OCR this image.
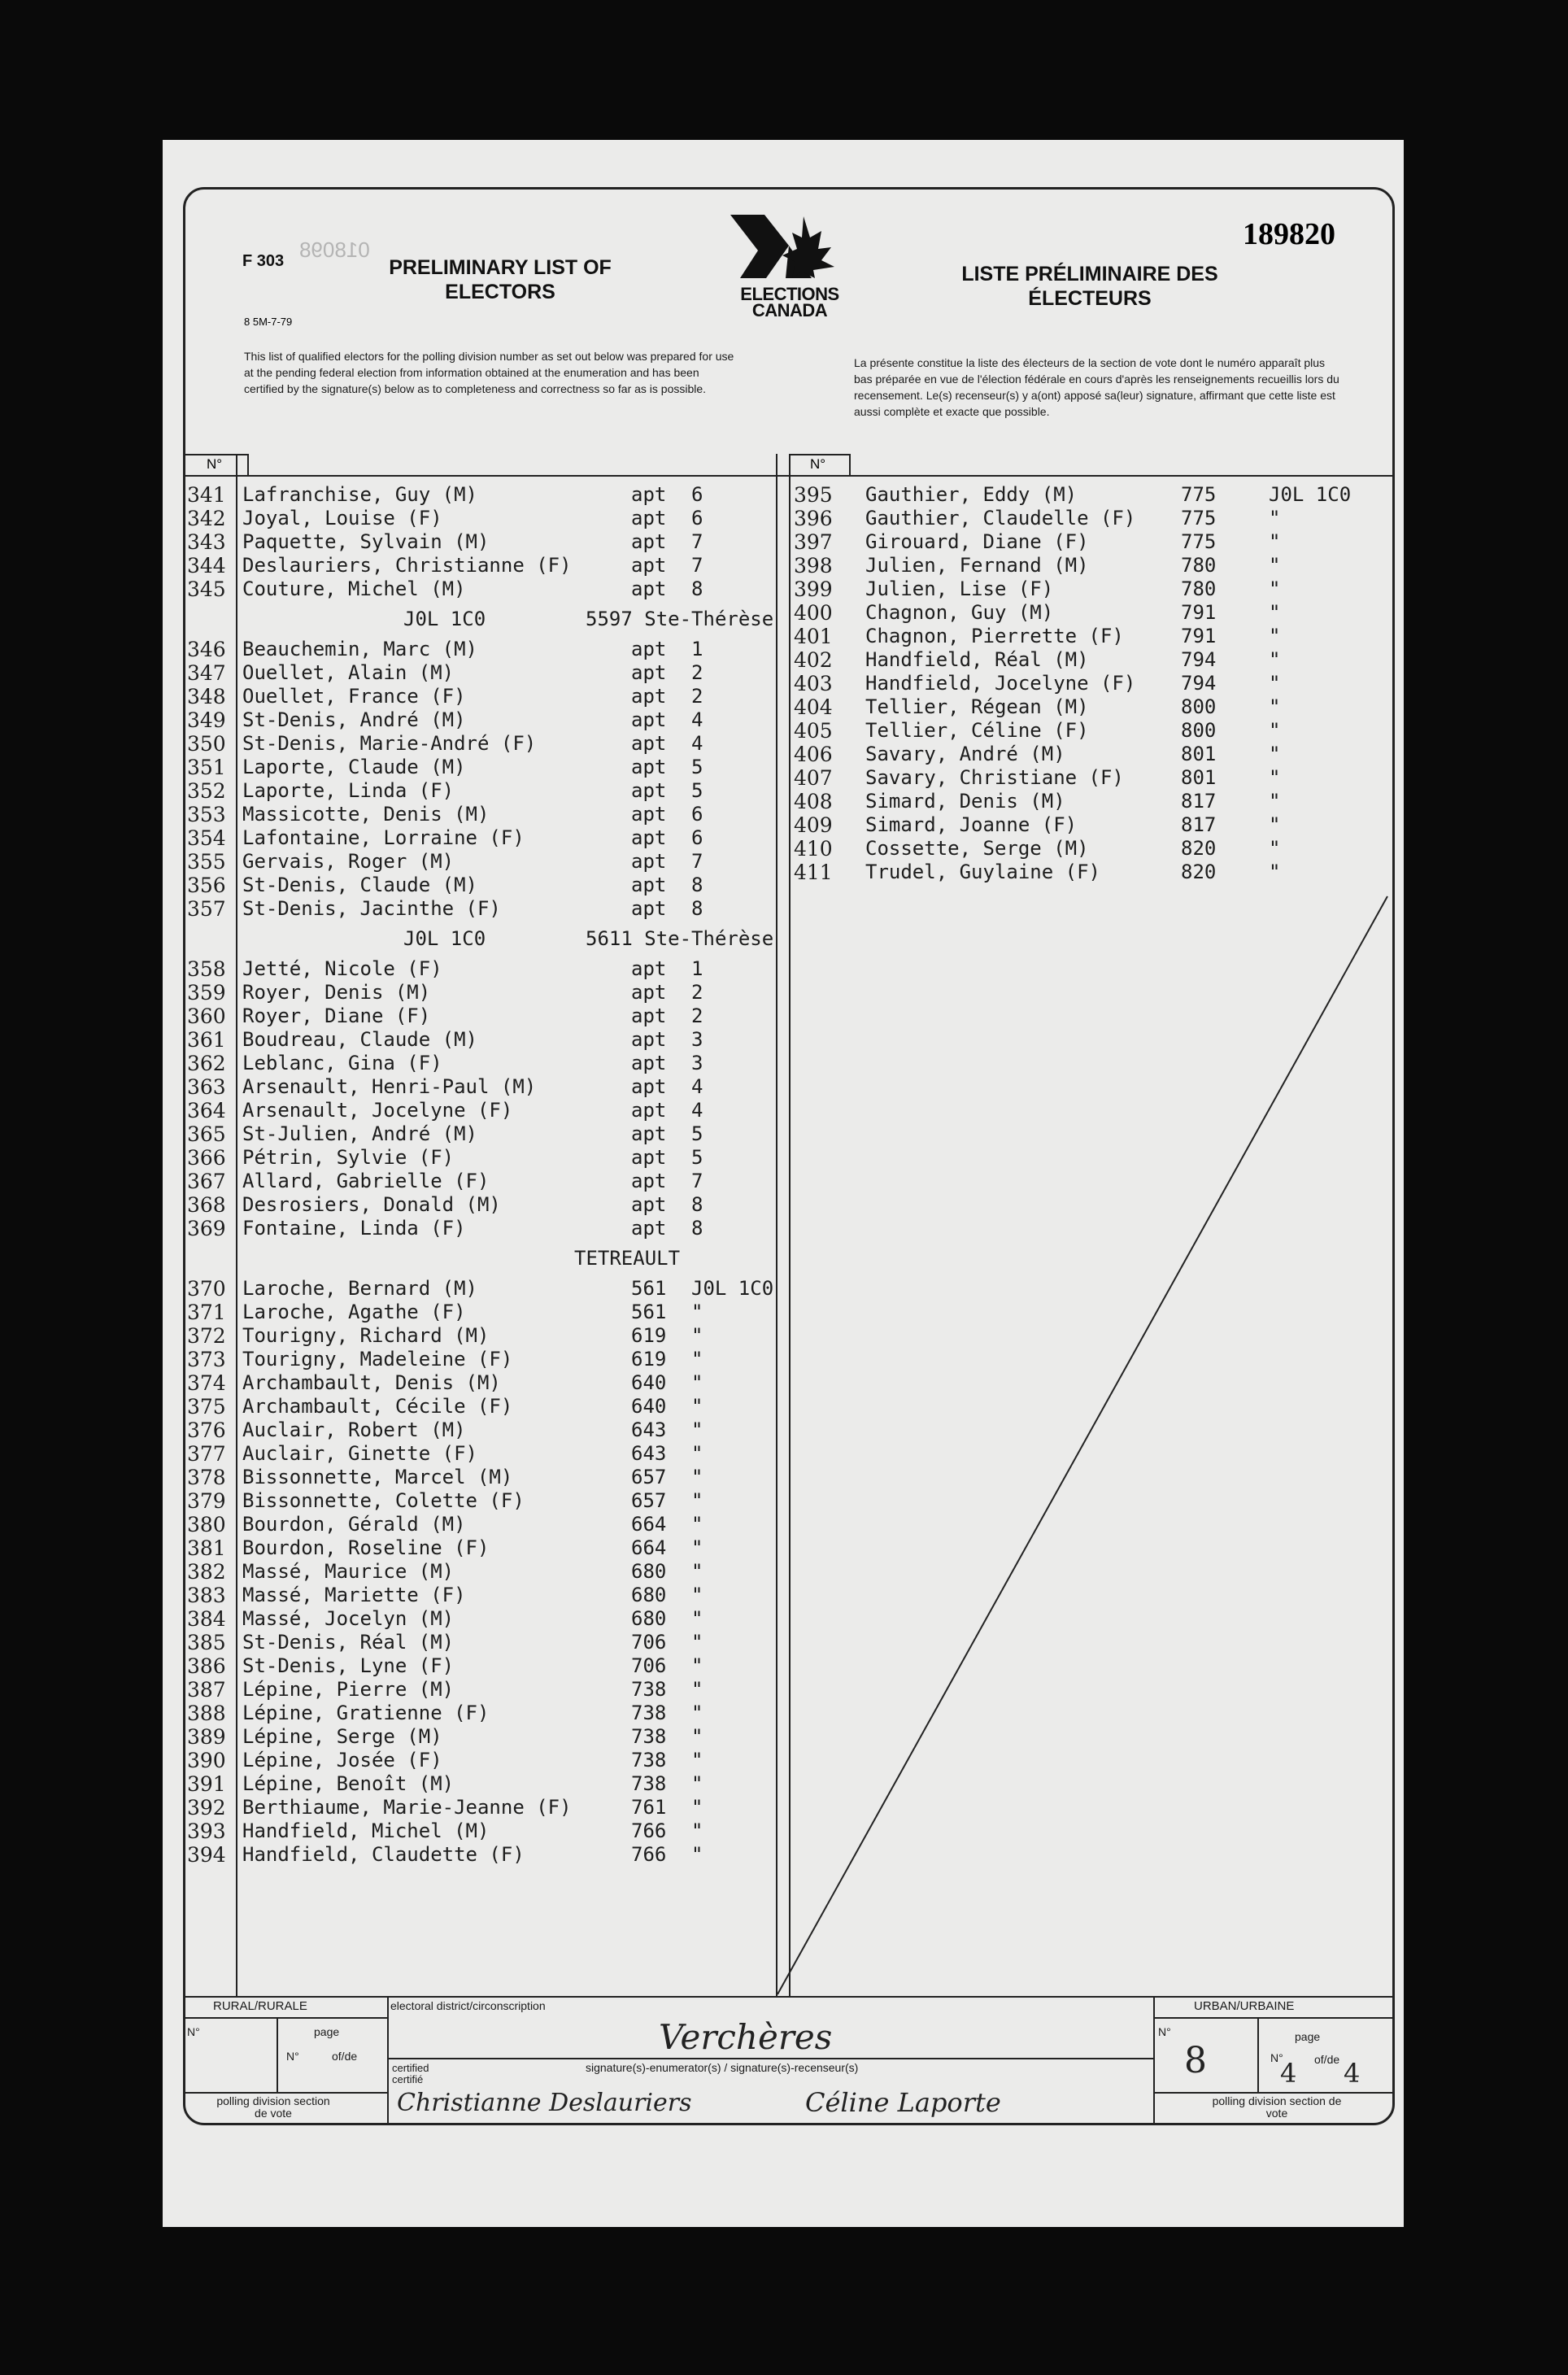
F 303 018098
PRELIMINARY LIST OF ELECTORS
8 5M-7-79
ELECTIONS CANADA
LISTE PRÉLIMINAIRE DES ÉLECTEURS
189820
This list of qualified electors for the polling division number as set out below was prepared for use at the pending federal election from information obtained at the enumeration and has been certified by the signature(s) below as to completeness and correctness so far as is possible.
La présente constitue la liste des électeurs de la section de vote dont le numéro apparaît plus bas préparée en vue de l'élection fédérale en cours d'après les renseignements recueillis lors du recensement. Le(s) recenseur(s) y a(ont) apposé sa(leur) signature, affirmant que cette liste est aussi complète et exacte que possible.
N°	N°
341 Lafranchise, Guy (M)	apt 6
342 Joyal, Louise (F)	apt 6
343 Paquette, Sylvain (M)	apt 7
344 Deslauriers, Christianne (F)	apt 7
345 Couture, Michel (M)	apt 8
J0L 1C0	5597 Ste-Thérèse
346 Beauchemin, Marc (M)	apt 1
347 Ouellet, Alain (M)	apt 2
348 Ouellet, France (F)	apt 2
349 St-Denis, André (M)	apt 4
350 St-Denis, Marie-André (F)	apt 4
351 Laporte, Claude (M)	apt 5
352 Laporte, Linda (F)	apt 5
353 Massicotte, Denis (M)	apt 6
354 Lafontaine, Lorraine (F)	apt 6
355 Gervais, Roger (M)	apt 7
356 St-Denis, Claude (M)	apt 8
357 St-Denis, Jacinthe (F)	apt 8
J0L 1C0	5611 Ste-Thérèse
358 Jetté, Nicole (F)	apt 1
359 Royer, Denis (M)	apt 2
360 Royer, Diane (F)	apt 2
361 Boudreau, Claude (M)	apt 3
362 Leblanc, Gina (F)	apt 3
363 Arsenault, Henri-Paul (M)	apt 4
364 Arsenault, Jocelyne (F)	apt 4
365 St-Julien, André (M)	apt 5
366 Pétrin, Sylvie (F)	apt 5
367 Allard, Gabrielle (F)	apt 7
368 Desrosiers, Donald (M)	apt 8
369 Fontaine, Linda (F)	apt 8
TETREAULT
370 Laroche, Bernard (M)	561 J0L 1C0
371 Laroche, Agathe (F)	561 "
372 Tourigny, Richard (M)	619 "
373 Tourigny, Madeleine (F)	619 "
374 Archambault, Denis (M)	640 "
375 Archambault, Cécile (F)	640 "
376 Auclair, Robert (M)	643 "
377 Auclair, Ginette (F)	643 "
378 Bissonnette, Marcel (M)	657 "
379 Bissonnette, Colette (F)	657 "
380 Bourdon, Gérald (M)	664 "
381 Bourdon, Roseline (F)	664 "
382 Massé, Maurice (M)	680 "
383 Massé, Mariette (F)	680 "
384 Massé, Jocelyn (M)	680 "
385 St-Denis, Réal (M)	706 "
386 St-Denis, Lyne (F)	706 "
387 Lépine, Pierre (M)	738 "
388 Lépine, Gratienne (F)	738 "
389 Lépine, Serge (M)	738 "
390 Lépine, Josée (F)	738 "
391 Lépine, Benoît (M)	738 "
392 Berthiaume, Marie-Jeanne (F)	761 "
393 Handfield, Michel (M)	766 "
394 Handfield, Claudette (F)	766 "
395 Gauthier, Eddy (M)	775	J0L 1C0
396 Gauthier, Claudelle (F) 775	"
397 Girouard, Diane (F)	775	"
398 Julien, Fernand (M)	780	"
399 Julien, Lise (F)	780	"
400 Chagnon, Guy (M)	791	"
401 Chagnon, Pierrette (F)	791	"
402 Handfield, Réal (M)	794	"
403 Handfield, Jocelyne (F) 794	"
404 Tellier, Régean (M)	800	"
405 Tellier, Céline (F)	800	"
406 Savary, André (M)	801	"
407 Savary, Christiane (F)	801	"
408 Simard, Denis (M)	817	"
409 Simard, Joanne (F)	817	"
410 Cossette, Serge (M)	820	"
411 Trudel, Guylaine (F)	820	"
RURAL/RURALE	URBAN/URBAINE
N°	page
N°	of/de
polling division section de vote
electoral district/circonscription
Verchères
certified certifié
signature(s)-enumerator(s) / signature(s)-recenseur(s)
Christianne Deslauriers	Céline Laporte
N°
8
page
N°
4 of/de 4
polling division section de vote
